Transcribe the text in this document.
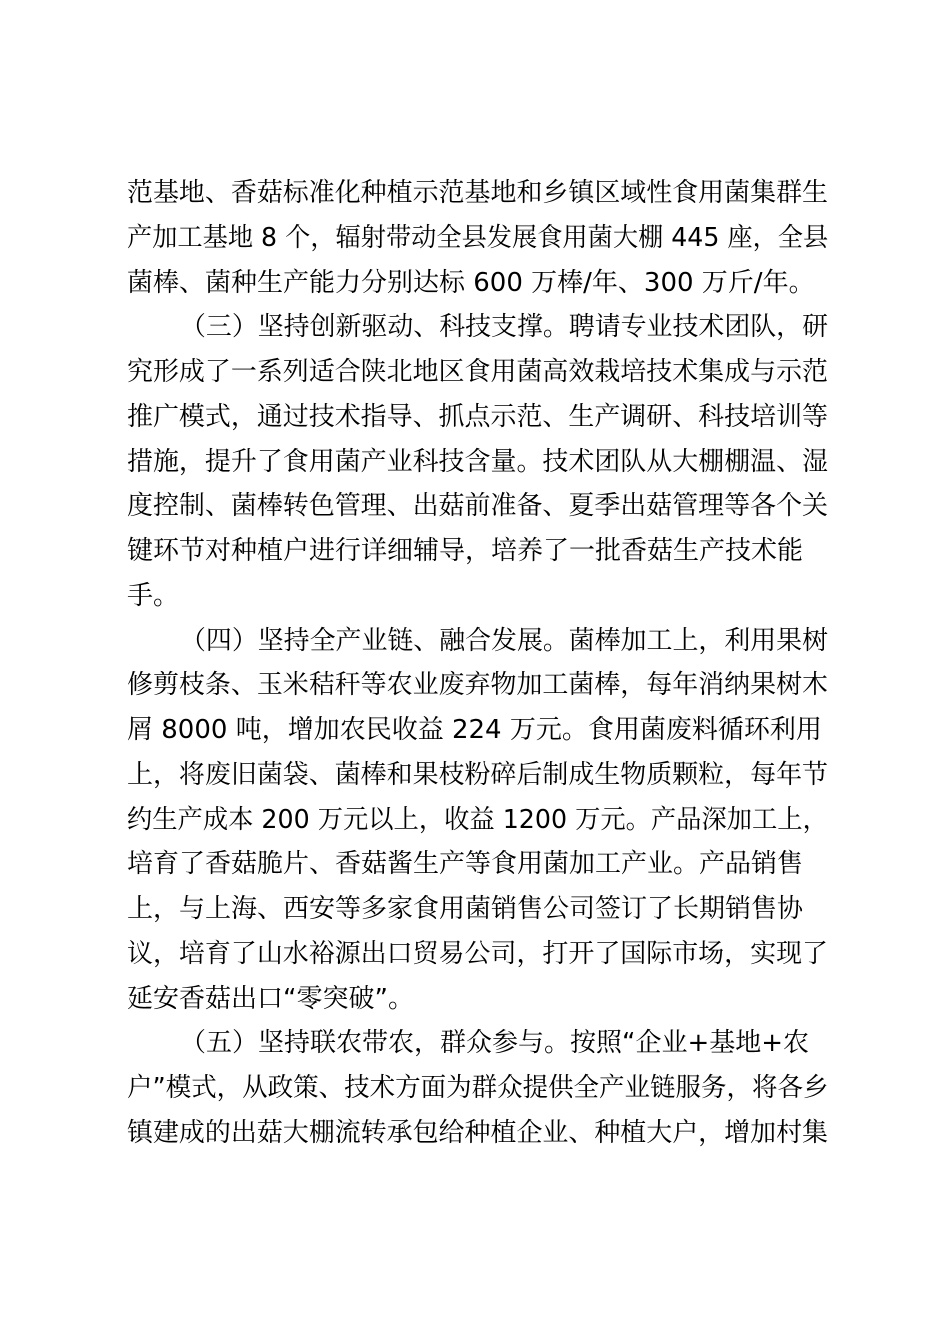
范基地、香菇标准化种植示范基地和乡镇区域性食用菌集群生
产加工基地 8 个，辐射带动全县发展食用菌大棚 445 座，全县
菌棒、菌种生产能力分别达标 600 万棒/年、300 万斤/年。
（三）坚持创新驱动、科技支撑。聘请专业技术团队，研
究形成了一系列适合陕北地区食用菌高效栽培技术集成与示范
推广模式，通过技术指导、抓点示范、生产调研、科技培训等
措施，提升了食用菌产业科技含量。技术团队从大棚棚温、湿
度控制、菌棒转色管理、出菇前准备、夏季出菇管理等各个关
键环节对种植户进行详细辅导，培养了一批香菇生产技术能
手。
（四）坚持全产业链、融合发展。菌棒加工上，利用果树
修剪枝条、玉米秸秆等农业废弃物加工菌棒，每年消纳果树木
屑 8000 吨，增加农民收益 224 万元。食用菌废料循环利用
上，将废旧菌袋、菌棒和果枝粉碎后制成生物质颗粒，每年节
约生产成本 200 万元以上，收益 1200 万元。产品深加工上，
培育了香菇脆片、香菇酱生产等食用菌加工产业。产品销售
上，与上海、西安等多家食用菌销售公司签订了长期销售协
议，培育了山水裕源出口贸易公司，打开了国际市场，实现了
延安香菇出口“零突破”。
（五）坚持联农带农，群众参与。按照“企业+基地+农
户”模式，从政策、技术方面为群众提供全产业链服务，将各乡
镇建成的出菇大棚流转承包给种植企业、种植大户，增加村集
